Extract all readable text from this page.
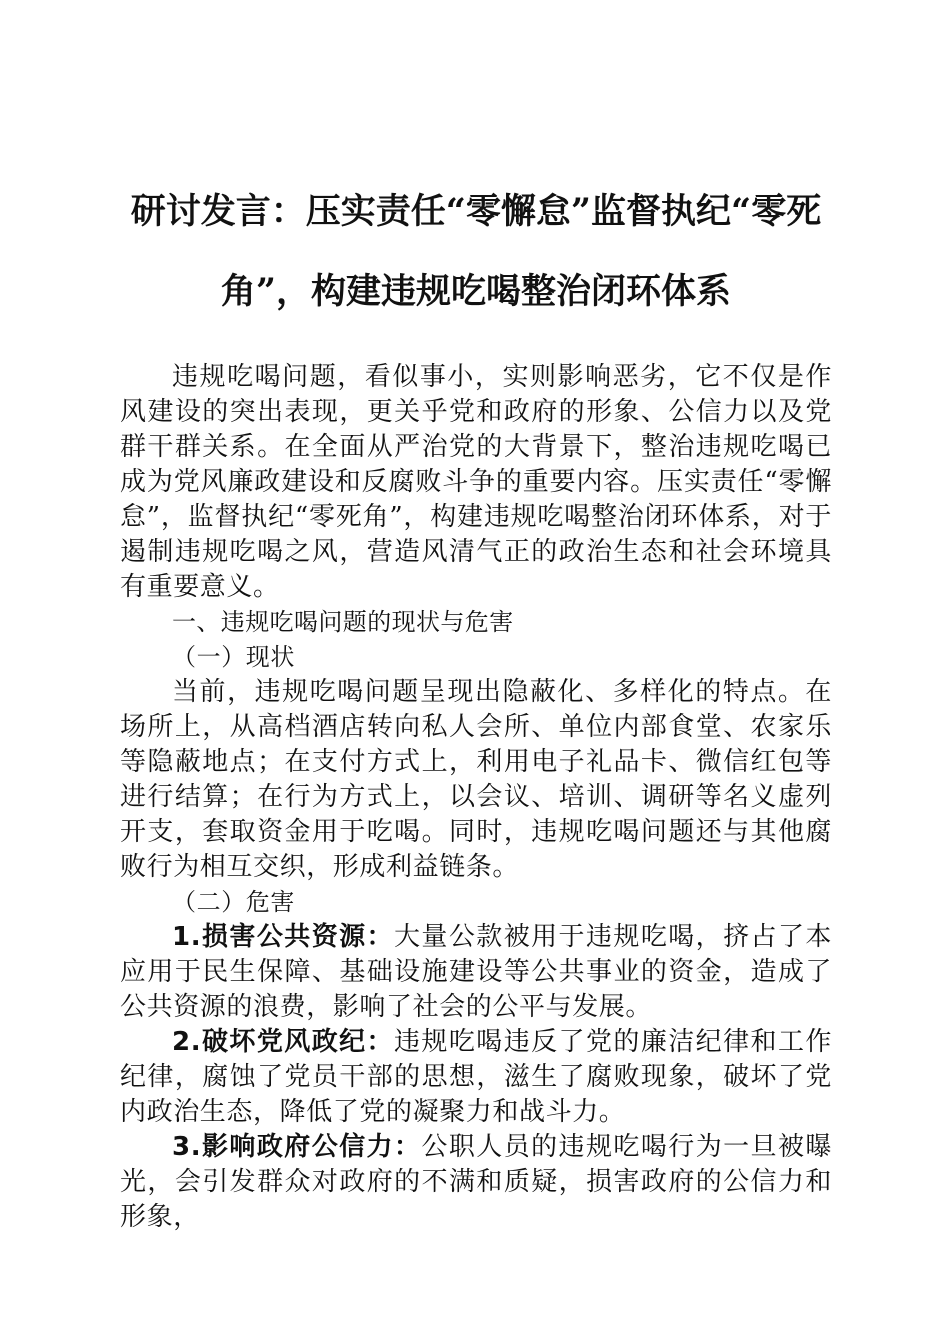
研讨发言：压实责任“零懈怠”监督执纪“零死角”，构建违规吃喝整治闭环体系

违规吃喝问题，看似事小，实则影响恶劣，它不仅是作风建设的突出表现，更关乎党和政府的形象、公信力以及党群干群关系。在全面从严治党的大背景下，整治违规吃喝已成为党风廉政建设和反腐败斗争的重要内容。压实责任“零懈怠”，监督执纪“零死角”，构建违规吃喝整治闭环体系，对于遏制违规吃喝之风，营造风清气正的政治生态和社会环境具有重要意义。

一、违规吃喝问题的现状与危害

（一）现状

当前，违规吃喝问题呈现出隐蔽化、多样化的特点。在场所上，从高档酒店转向私人会所、单位内部食堂、农家乐等隐蔽地点；在支付方式上，利用电子礼品卡、微信红包等进行结算；在行为方式上，以会议、培训、调研等名义虚列开支，套取资金用于吃喝。同时，违规吃喝问题还与其他腐败行为相互交织，形成利益链条。

（二）危害

1.损害公共资源：大量公款被用于违规吃喝，挤占了本应用于民生保障、基础设施建设等公共事业的资金，造成了公共资源的浪费，影响了社会的公平与发展。

2.破坏党风政纪：违规吃喝违反了党的廉洁纪律和工作纪律，腐蚀了党员干部的思想，滋生了腐败现象，破坏了党内政治生态，降低了党的凝聚力和战斗力。

3.影响政府公信力：公职人员的违规吃喝行为一旦被曝光，会引发群众对政府的不满和质疑，损害政府的公信力和形象，
